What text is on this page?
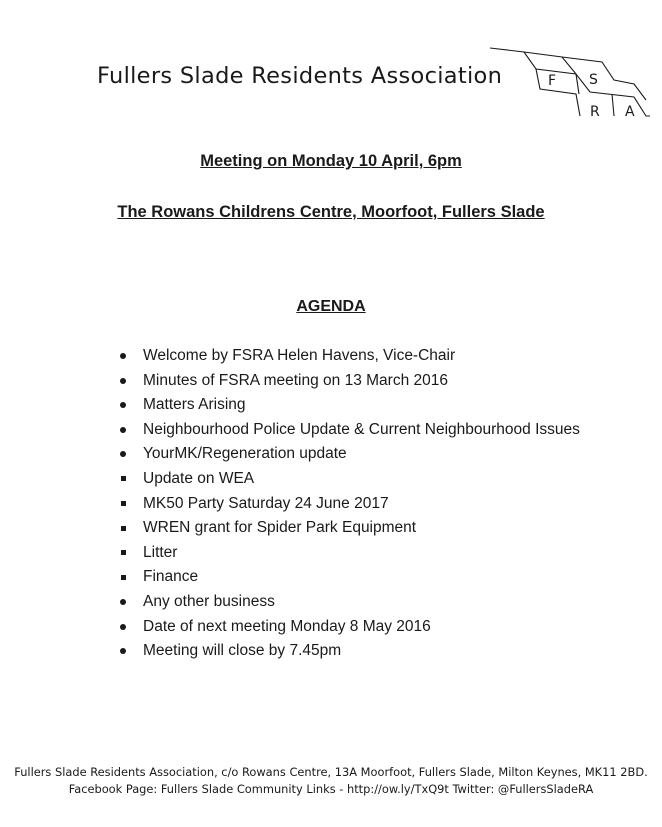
Fullers Slade Residents Association	F S
R A
Meeting on Monday 10 April, 6pm
The Rowans Childrens Centre, Moorfoot, Fullers Slade
AGENDA
Welcome by FSRA Helen Havens, Vice-Chair
Minutes of FSRA meeting on 13 March 2016
Matters Arising
Neighbourhood Police Update & Current Neighbourhood Issues
YourMK/Regeneration update
Update on WEA
MK50 Party Saturday 24 June 2017
WREN grant for Spider Park Equipment
Litter
Finance
Any other business
Date of next meeting Monday 8 May 2016
Meeting will close by 7.45pm
Fullers Slade Residents Association, c/o Rowans Centre, 13A Moorfoot, Fullers Slade, Milton Keynes, MK11 2BD.
Facebook Page: Fullers Slade Community Links - http://ow.ly/TxQ9t Twitter: @FullersSladeRA
